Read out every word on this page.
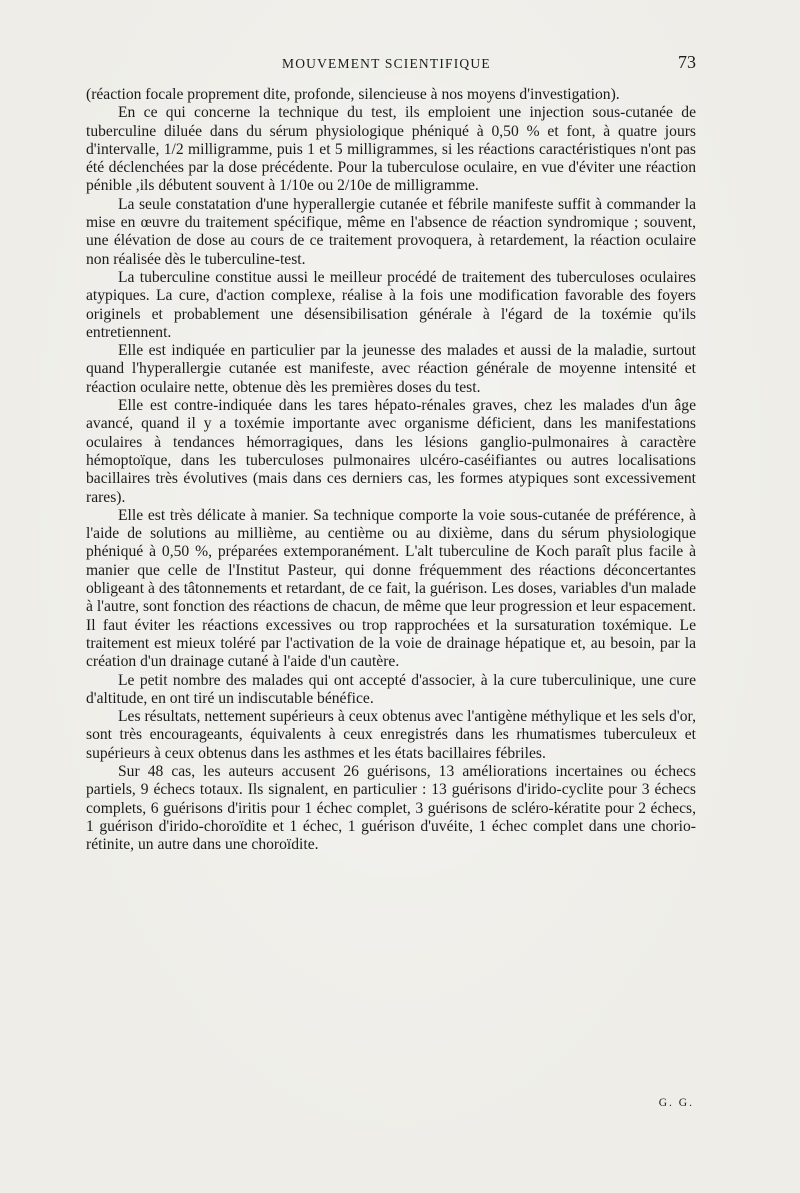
MOUVEMENT SCIENTIFIQUE	73

(réaction focale proprement dite, profonde, silencieuse à nos moyens d'investigation).

En ce qui concerne la technique du test, ils emploient une injection sous-cutanée de tuberculine diluée dans du sérum physiologique phéniqué à 0,50 % et font, à quatre jours d'intervalle, 1/2 milligramme, puis 1 et 5 milligrammes, si les réactions caractéristiques n'ont pas été déclenchées par la dose précédente. Pour la tuberculose oculaire, en vue d'éviter une réaction pénible ,ils débutent souvent à 1/10e ou 2/10e de milligramme.

La seule constatation d'une hyperallergie cutanée et fébrile manifeste suffit à commander la mise en œuvre du traitement spécifique, même en l'absence de réaction syndromique ; souvent, une élévation de dose au cours de ce traitement provoquera, à retardement, la réaction oculaire non réalisée dès le tuberculine-test.

La tuberculine constitue aussi le meilleur procédé de traitement des tuberculoses oculaires atypiques. La cure, d'action complexe, réalise à la fois une modification favorable des foyers originels et probablement une désensibilisation générale à l'égard de la toxémie qu'ils entretiennent.

Elle est indiquée en particulier par la jeunesse des malades et aussi de la maladie, surtout quand l'hyperallergie cutanée est manifeste, avec réaction générale de moyenne intensité et réaction oculaire nette, obtenue dès les premières doses du test.

Elle est contre-indiquée dans les tares hépato-rénales graves, chez les malades d'un âge avancé, quand il y a toxémie importante avec organisme déficient, dans les manifestations oculaires à tendances hémorragiques, dans les lésions ganglio-pulmonaires à caractère hémoptoïque, dans les tuberculoses pulmonaires ulcéro-caséifiantes ou autres localisations bacillaires très évolutives (mais dans ces derniers cas, les formes atypiques sont excessivement rares).

Elle est très délicate à manier. Sa technique comporte la voie sous-cutanée de préférence, à l'aide de solutions au millième, au centième ou au dixième, dans du sérum physiologique phéniqué à 0,50 %, préparées extemporanément. L'alt tuberculine de Koch paraît plus facile à manier que celle de l'Institut Pasteur, qui donne fréquemment des réactions déconcertantes obligeant à des tâtonnements et retardant, de ce fait, la guérison. Les doses, variables d'un malade à l'autre, sont fonction des réactions de chacun, de même que leur progression et leur espacement. Il faut éviter les réactions excessives ou trop rapprochées et la sursaturation toxémique. Le traitement est mieux toléré par l'activation de la voie de drainage hépatique et, au besoin, par la création d'un drainage cutané à l'aide d'un cautère.

Le petit nombre des malades qui ont accepté d'associer, à la cure tuberculinique, une cure d'altitude, en ont tiré un indiscutable bénéfice.

Les résultats, nettement supérieurs à ceux obtenus avec l'antigène méthylique et les sels d'or, sont très encourageants, équivalents à ceux enregistrés dans les rhumatismes tuberculeux et supérieurs à ceux obtenus dans les asthmes et les états bacillaires fébriles.

Sur 48 cas, les auteurs accusent 26 guérisons, 13 améliorations incertaines ou échecs partiels, 9 échecs totaux. Ils signalent, en particulier : 13 guérisons d'irido-cyclite pour 3 échecs complets, 6 guérisons d'iritis pour 1 échec complet, 3 guérisons de scléro-kératite pour 2 échecs, 1 guérison d'irido-choroïdite et 1 échec, 1 guérison d'uvéite, 1 échec complet dans une chorio-rétinite, un autre dans une choroïdite.

G. G.
